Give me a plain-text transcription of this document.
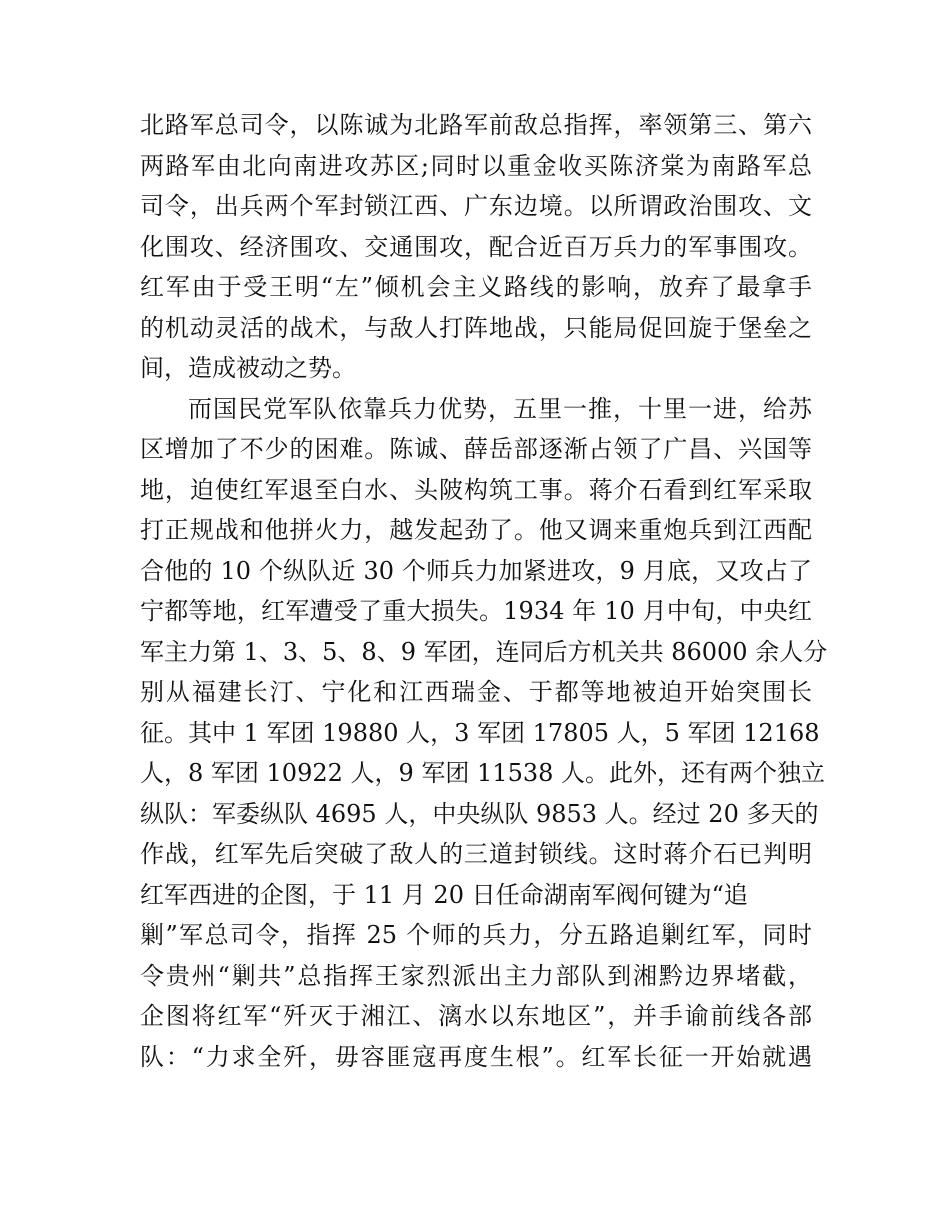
北路军总司令，以陈诚为北路军前敌总指挥，率领第三、第六
两路军由北向南进攻苏区;同时以重金收买陈济棠为南路军总
司令，出兵两个军封锁江西、广东边境。以所谓政治围攻、文
化围攻、经济围攻、交通围攻，配合近百万兵力的军事围攻。
红军由于受王明“左”倾机会主义路线的影响，放弃了最拿手
的机动灵活的战术，与敌人打阵地战，只能局促回旋于堡垒之
间，造成被动之势。
而国民党军队依靠兵力优势，五里一推，十里一进，给苏
区增加了不少的困难。陈诚、薛岳部逐渐占领了广昌、兴国等
地，迫使红军退至白水、头陂构筑工事。蒋介石看到红军采取
打正规战和他拼火力，越发起劲了。他又调来重炮兵到江西配
合他的 10 个纵队近 30 个师兵力加紧进攻，9 月底，又攻占了
宁都等地，红军遭受了重大损失。1934 年 10 月中旬，中央红
军主力第 1、3、5、8、9 军团，连同后方机关共 86000 余人分
别从福建长汀、宁化和江西瑞金、于都等地被迫开始突围长
征。其中 1 军团 19880 人，3 军团 17805 人，5 军团 12168
人，8 军团 10922 人，9 军团 11538 人。此外，还有两个独立
纵队：军委纵队 4695 人，中央纵队 9853 人。经过 20 多天的
作战，红军先后突破了敌人的三道封锁线。这时蒋介石已判明
红军西进的企图，于 11 月 20 日任命湖南军阀何键为“追
剿”军总司令，指挥 25 个师的兵力，分五路追剿红军，同时
令贵州“剿共”总指挥王家烈派出主力部队到湘黔边界堵截，
企图将红军“歼灭于湘江、漓水以东地区”，并手谕前线各部
队：“力求全歼，毋容匪寇再度生根”。红军长征一开始就遇
